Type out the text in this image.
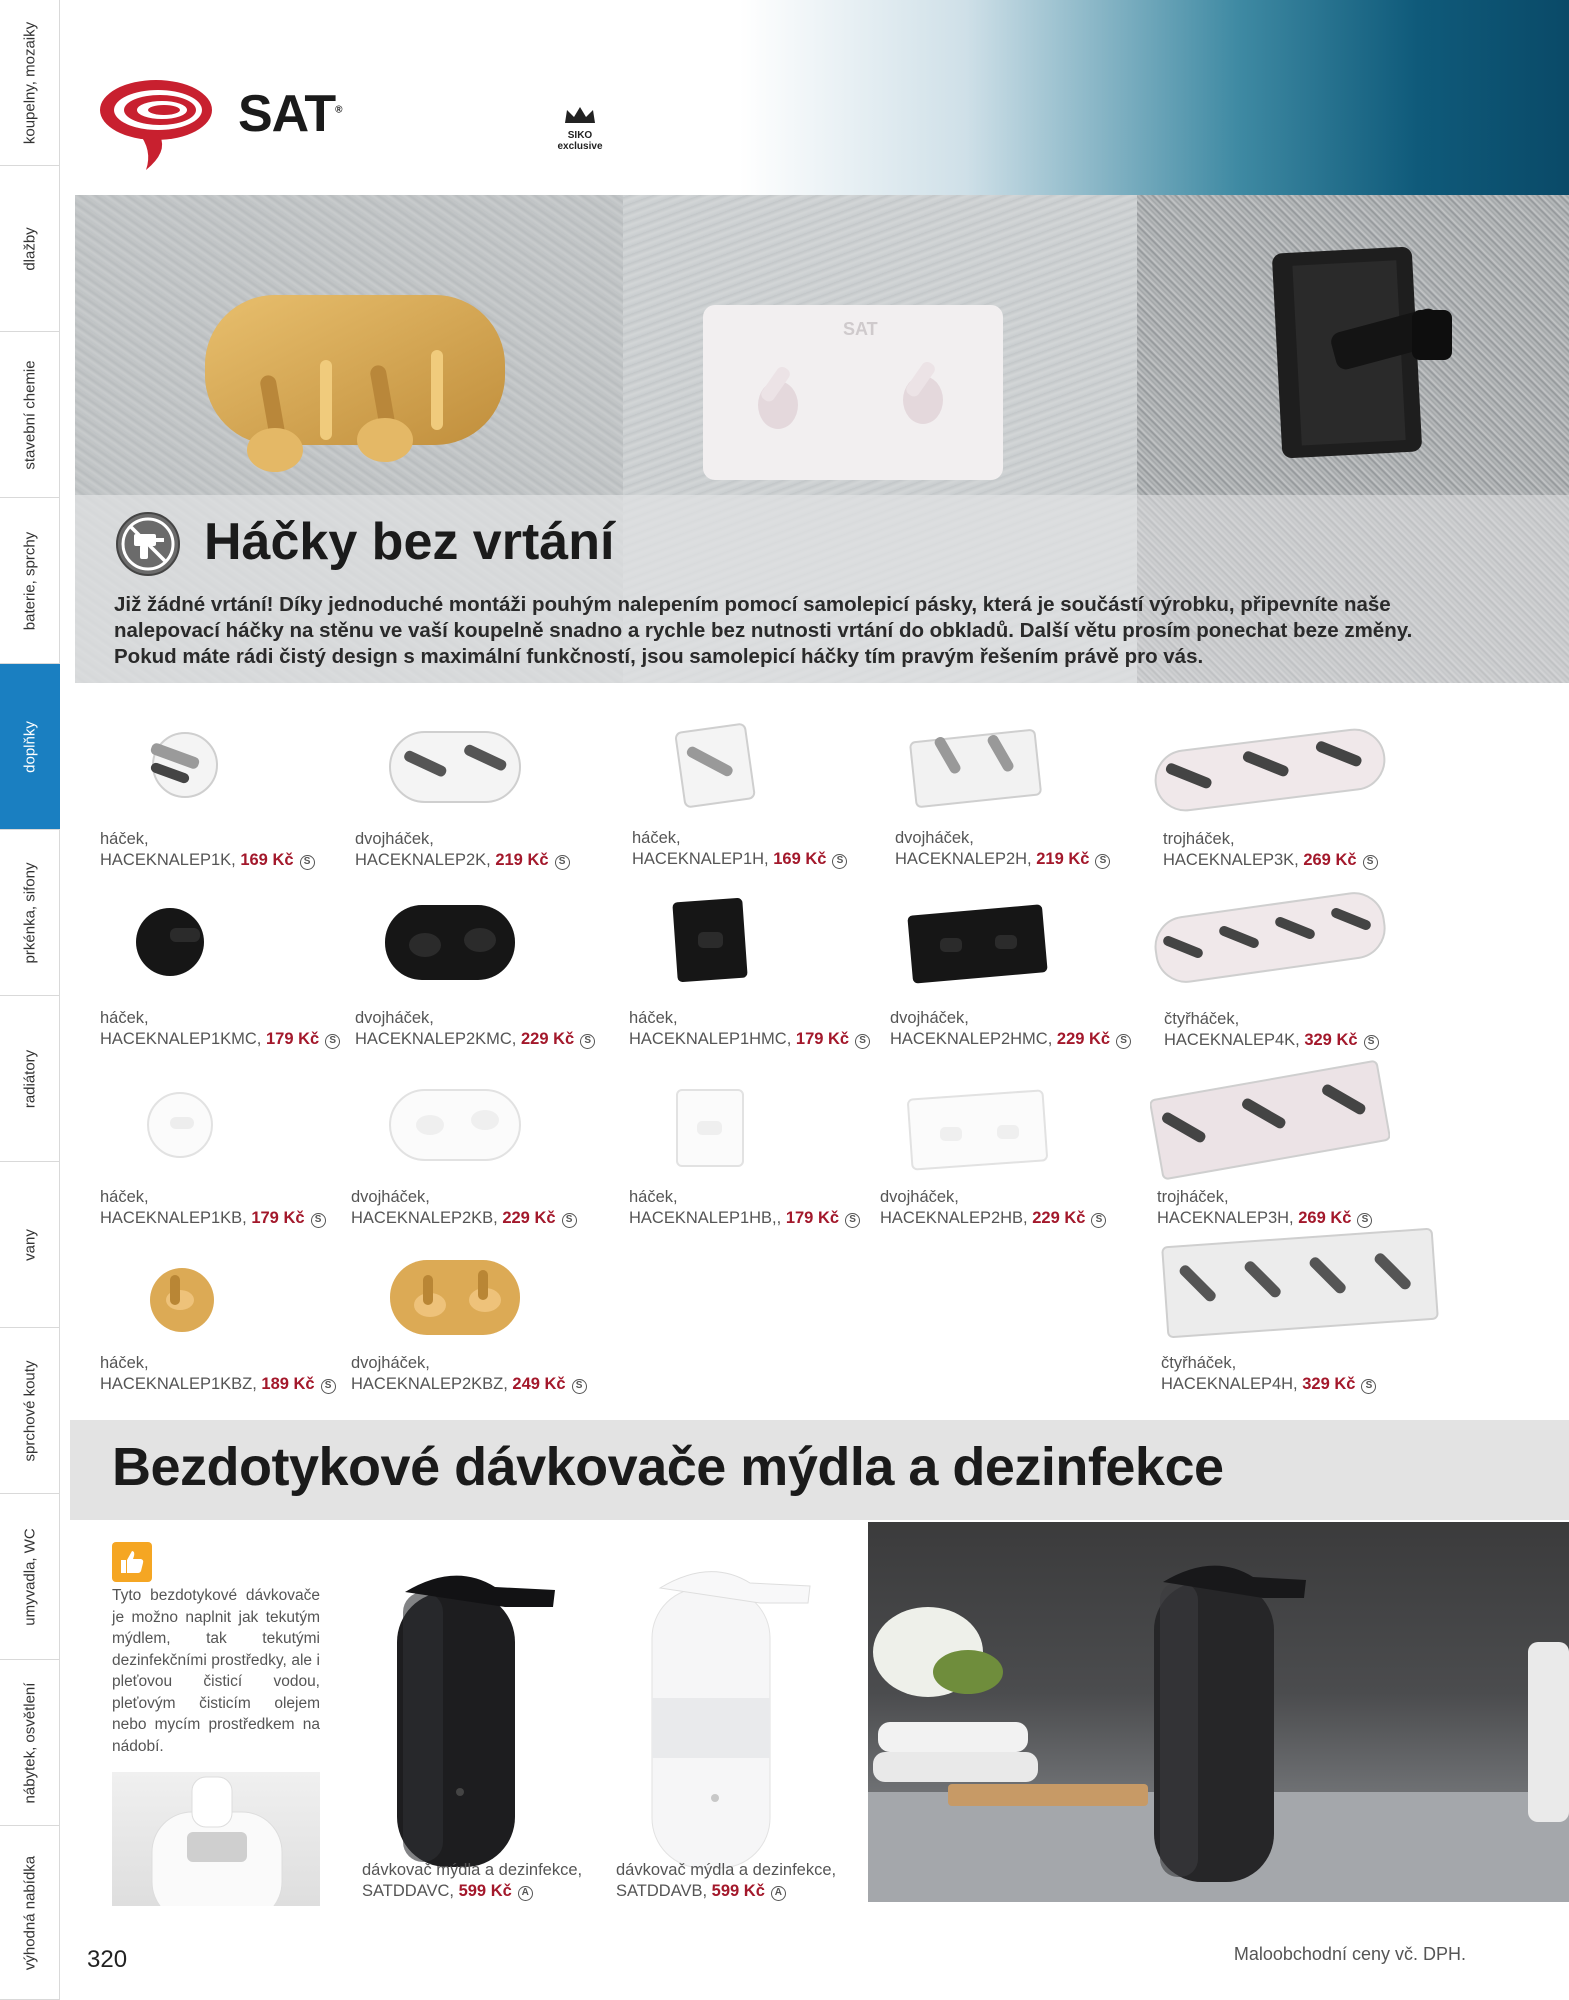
koupelny, mozaiky
dlažby
stavební chemie
baterie, sprchy
doplňky
prkénka, sifony
radiátory
vany
sprchové kouty
umyvadla, WC
nábytek, osvětlení
výhodná nabídka
SAT®
SIKO
exclusive
SAT
Háčky bez vrtání
Již žádné vrtání! Díky jednoduché montáži pouhým nalepením pomocí samolepicí pásky, která je součástí výrobku, připevníte naše nalepovací háčky na stěnu ve vaší koupelně snadno a rychle bez nutnosti vrtání do obkladů. Další větu prosím ponechat beze změny. Pokud máte rádi čistý design s maximální funkčností, jsou samolepicí háčky tím pravým řešením právě pro vás.
háček,
HACEKNALEP1K, 169 Kč S
dvojháček,
HACEKNALEP2K, 219 Kč S
háček,
HACEKNALEP1H, 169 Kč S
dvojháček,
HACEKNALEP2H, 219 Kč S
trojháček,
HACEKNALEP3K, 269 Kč S
háček,
HACEKNALEP1KMC, 179 Kč S
dvojháček,
HACEKNALEP2KMC, 229 Kč S
háček,
HACEKNALEP1HMC, 179 Kč S
dvojháček,
HACEKNALEP2HMC, 229 Kč S
čtyřháček,
HACEKNALEP4K, 329 Kč S
háček,
HACEKNALEP1KB, 179 Kč S
dvojháček,
HACEKNALEP2KB, 229 Kč S
háček,
HACEKNALEP1HB,, 179 Kč S
dvojháček,
HACEKNALEP2HB, 229 Kč S
trojháček,
HACEKNALEP3H, 269 Kč S
háček,
HACEKNALEP1KBZ, 189 Kč S
dvojháček,
HACEKNALEP2KBZ, 249 Kč S
čtyřháček,
HACEKNALEP4H, 329 Kč S
Bezdotykové dávkovače mýdla a dezinfekce
Tyto bezdotykové dávkovače je možno naplnit jak tekutým mýdlem, tak tekutými dezinfekčními prostředky, ale i pleťovou čisticí vodou, pleťovým čisticím olejem nebo mycím prostředkem na nádobí.
dávkovač mýdla a dezinfekce,
SATDDAVC, 599 Kč A
dávkovač mýdla a dezinfekce,
SATDDAVB, 599 Kč A
320	Maloobchodní ceny vč. DPH.
